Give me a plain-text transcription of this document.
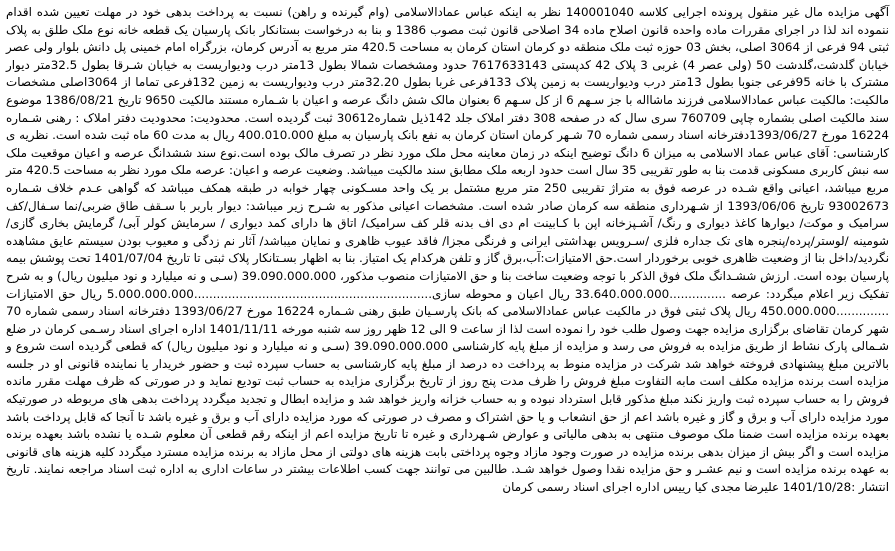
آگهی مزایده مال غیر منقول پرونده اجرایی کلاسه 140001040 نظر به اینکه عباس عمادالاسلامی (وام گیرنده و راهن) نسبت به پرداخت بدهی خود در مهلت تعیین شده اقدام ننموده اند لذا در اجرای مقررات ماده واحده قانون اصلاح ماده 34 اصلاحی قانون ثبت مصوب 1386 و بنا به درخواست بستانکار بانک پارسیان یک قطعه خانه نوع ملک طلق به پلاک ثبتی 94 فرعی از 3064 اصلی، بخش 03 حوزه ثبت ملک منطقه دو کرمان استان کرمان به مساحت 420.5 متر مربع به آدرس کرمان، بزرگراه امام خمینی پل دانش بلوار ولی عصر خیابان گلدشت،گلدشت 50 (ولی عصر 4) غربی 3 پلاک 42 کدپستی 7617633143 حدود ومشخصات شمالا بطول 13متر درب وديواريست به خيابان شـرقا بطول 32.5متر ديوار مشترک با خانه 95فرعی جنوبا بطول 13متر درب وديواريست به زمين پلاک 133فرعی غربا بطول 32.20متر درب وديواريست به زمين 132فرعی تماما از 3064اصلی مشخصات مالکيت: مالکيت عباس عمادالاسلامی فرزند ماشااله با جز سـهم 6 از کل سـهم 6 بعنوان مالک شش دانگ عرصه و اعيان با شـماره مستند مالکيت 9650 تاريخ 1386/08/21 موضوع سند مالکيت اصلی بشماره چاپی 760709 سری سال که در صفحه 308 دفتر املاک جلد 142ذيل شماره30612 ثبت گرديده است. محدوديت: محدوديت دفتر املاک : رهنی شـماره 16224 مورخ 1393/06/27دفترخانه اسناد رسمی شماره 70 شـهر کرمان استان کرمان به نفع بانک پارسيان به مبلغ 400.010.000 ريال به مدت 60 ماه ثبت شده است. نظريه ی کارشناسی: آقای عباس عماد الاسلامی به ميزان 6 دانگ توضيح اينکه در زمان معاينه محل ملک مورد نظر در تصرف مالک بوده است.نوع سند ششدانگ عرصه و اعيان موقعيت ملک سه نبش کاربری مسکونی قدمت بنا به طور تقريبی 35 سال است حدود اربعه ملک مطابق سند مالکيت ميباشد. وضعيت عرصه و اعيان: عرصه ملک مورد نظر به مساحت 420.5 متر مربع ميباشد، اعيانی واقع شـده در عرصه فوق به متراژ تقريبی 250 متر مربع مشتمل بر يک واحد مسـکونی چهار خوابه در طبقه همکف ميباشد که گواهی عـدم خلاف شـماره 93002673 تاريخ 1393/06/06 از شـهرداری منطقه سه کرمان صادر شده است. مشخصات اعيانی مذکور به شـرح زير ميباشد: ديوار باربر با سـقف طاق ضربی/نما سـفال/کف سراميک و موکت/ ديوارها کاغذ ديواری و رنگ/ آشـپزخانه اپن با کـابينت ام دی اف بدنه قلر کف سراميک/ اتاق ها دارای کمد ديواری / سرمايش کولر آبی/ گرمايش بخاری گازی/ شومينه /لوستر/پرده/پنجره های تک جداره فلزی /سـرويس بهداشتی ايرانی و فرنگی مجزا/ فاقد عيوب ظاهری و نمايان ميباشد/ آثار نم زدگی و معيوب بودن سيستم عايق مشاهده نگرديد/داخل بنا از وضعيت ظاهری خوبی برخوردار است.حق الامتيازات:آب،برق گاز و تلفن هرکدام يک امتياز. بنا به اظهار بسـتانکار پلاک ثبتی تا تاريخ 1401/07/04 تحت پوشش بيمه پارسيان بوده است. ارزش ششـدانگ ملک فوق الذکر با توجه وضعيت ساخت بنا و حق الامتيازات منصوب مذکور، 39.090.000.000 (سـی و نه ميليارد و نود ميليون ريال) و به شرح تفکيک زير اعلام ميگردد: عرصه ...............33.640.000.000 ريال اعيان و محوطه سازی...............................................................5.000.000.000 ريال حق الامتيازات ..............450.000.000 ريال پلاک ثبتی فوق در مالکيت عباس عمادالاسلامی که بانک پارسـيان طبق رهنی شـماره 16224 مورخ 1393/06/27 دفترخانه اسناد رسمی شماره 70 شهر کرمان تقاضای برگزاری مزايده جهت وصول طلب خود را نموده است لذا از ساعت 9 الی 12 ظهر روز سه شنبه مورخه 1401/11/11 اداره اجرای اسناد رسـمی کرمان در ضلع شـمالی پارک نشاط از طريق مزايده به فروش می رسد و مزايده از مبلغ پايه کارشناسی 39.090.000.000 (سـی و نه ميليارد و نود ميليون ريال) که قطعی گرديده است شروع و بالاترين مبلغ پيشنهادی فروخته خواهد شد شرکت در مزايده منوط به پرداخت ده درصد از مبلغ پايه کارشناسی به حساب سپرده ثبت و حضور خريدار يا نماينده قانونی او در جلسه مزايده است برنده مزايده مکلف است مابه التفاوت مبلغ فروش را ظرف مدت پنج روز از تاريخ برگزاری مزايده به حساب ثبت توديع نمايد و در صورتی که ظرف مهلت مقرر مانده فروش را به حساب سپرده ثبت واريز نکند مبلغ مذکور قابل استرداد نبوده و به حساب خزانه واريز خواهد شد و مزايده ابطال و تجديد ميگردد پرداخت بدهی های مربوطه در صورتيکه مورد مزايده دارای آب و برق و گاز و غيره باشد اعم از حق انشعاب و يا حق اشتراک و مصرف در صورتی که مورد مزايده دارای آب و برق و غيره باشد تا آنجا که قابل پرداخت باشد بعهده برنده مزايده است ضمنا ملک موصوف منتهی به بدهی مالياتی و عوارض شـهرداری و غيره تا تاريخ مزايده اعم از اينکه رقم قطعی آن معلوم شـده يا نشده باشد بعهده برنده مزايده است و اگر بيش از ميزان بدهی برنده مزايده در صورت وجود مازاد وجوه پرداختی بابت هزينه های دولتی از محل مازاد به برنده مزايده مسترد ميگردد کليه هزينه های قانونی به عهده برنده مزايده است و نيم عشـر و حق مزايده نقدا وصول خواهد شـد. طالبين می توانند جهت کسب اطلاعات بيشتر در ساعات اداری به اداره ثبت اسناد مراجعه نمايند. تاريخ انتشار :1401/10/28 عليرضا مجدی کيا رييس اداره اجرای اسناد رسمی کرمان
